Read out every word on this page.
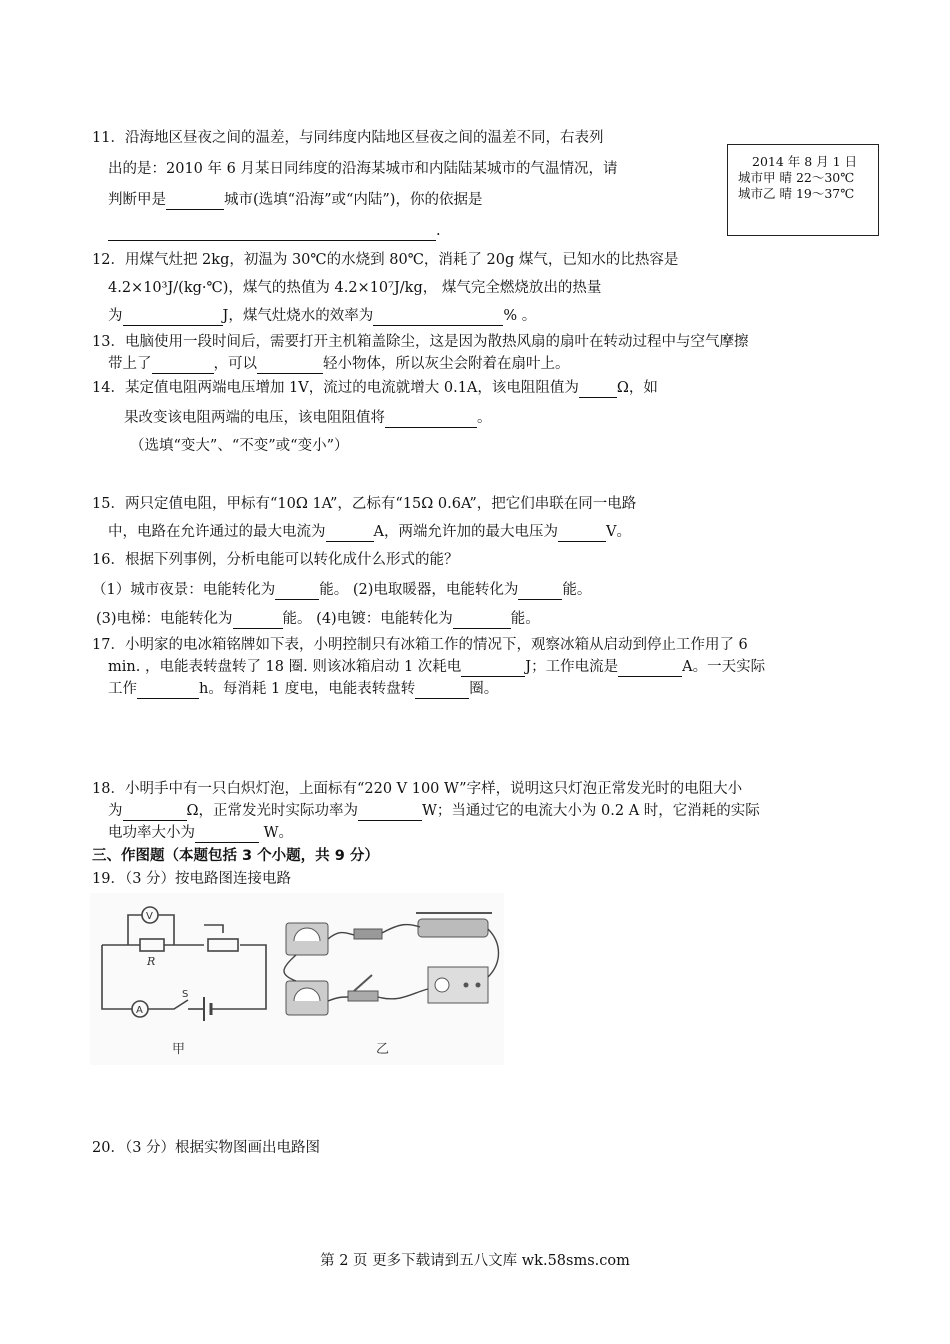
11．沿海地区昼夜之间的温差，与同纬度内陆地区昼夜之间的温差不同，右表列
出的是：2010 年 6 月某日同纬度的沿海某城市和内陆陆某城市的气温情况，请
判断甲是	城市(选填“沿海”或“内陆”)，你的依据是
.
2014 年 8 月 1 日
城市甲 晴 22～30℃
城市乙 晴 19～37℃
12．用煤气灶把 2kg，初温为 30℃的水烧到 80℃，消耗了 20g 煤气，已知水的比热容是
4.2×10³J/(kg·℃)，煤气的热值为 4.2×10⁷J/kg， 煤气完全燃烧放出的热量
为	J，煤气灶烧水的效率为	% 。
13．电脑使用一段时间后，需要打开主机箱盖除尘，这是因为散热风扇的扇叶在转动过程中与空气摩擦
带上了	，可以	轻小物体，所以灰尘会附着在扇叶上。
14．某定值电阻两端电压增加 1V，流过的电流就增大 0.1A，该电阻阻值为	Ω，如
果改变该电阻两端的电压，该电阻阻值将	。
（选填“变大”、“不变”或“变小”）
15．两只定值电阻，甲标有“10Ω 1A”，乙标有“15Ω 0.6A”，把它们串联在同一电路
中，电路在允许通过的最大电流为	A，两端允许加的最大电压为	V。
16．根据下列事例，分析电能可以转化成什么形式的能？
（1）城市夜景：电能转化为	能。 (2)电取暖器，电能转化为	能。
(3)电梯：电能转化为	能。 (4)电镀：电能转化为	能。
17．小明家的电冰箱铭牌如下表，小明控制只有冰箱工作的情况下，观察冰箱从启动到停止工作用了 6
min. ，电能表转盘转了 18 圈. 则该冰箱启动 1 次耗电	J；工作电流是	A。一天实际
工作	h。每消耗 1 度电，电能表转盘转	圈。
18．小明手中有一只白炽灯泡，上面标有“220 V 100 W”字样，说明这只灯泡正常发光时的电阻大小
为	Ω，正常发光时实际功率为	W；当通过它的电流大小为 0.2 A 时，它消耗的实际
电功率大小为	W。
三、作图题（本题包括 3 个小题，共 9 分）
19．（3 分）按电路图连接电路
V
R
A
S
甲	乙
20．（3 分）根据实物图画出电路图
第 2 页 更多下载请到五八文库 wk.58sms.com
